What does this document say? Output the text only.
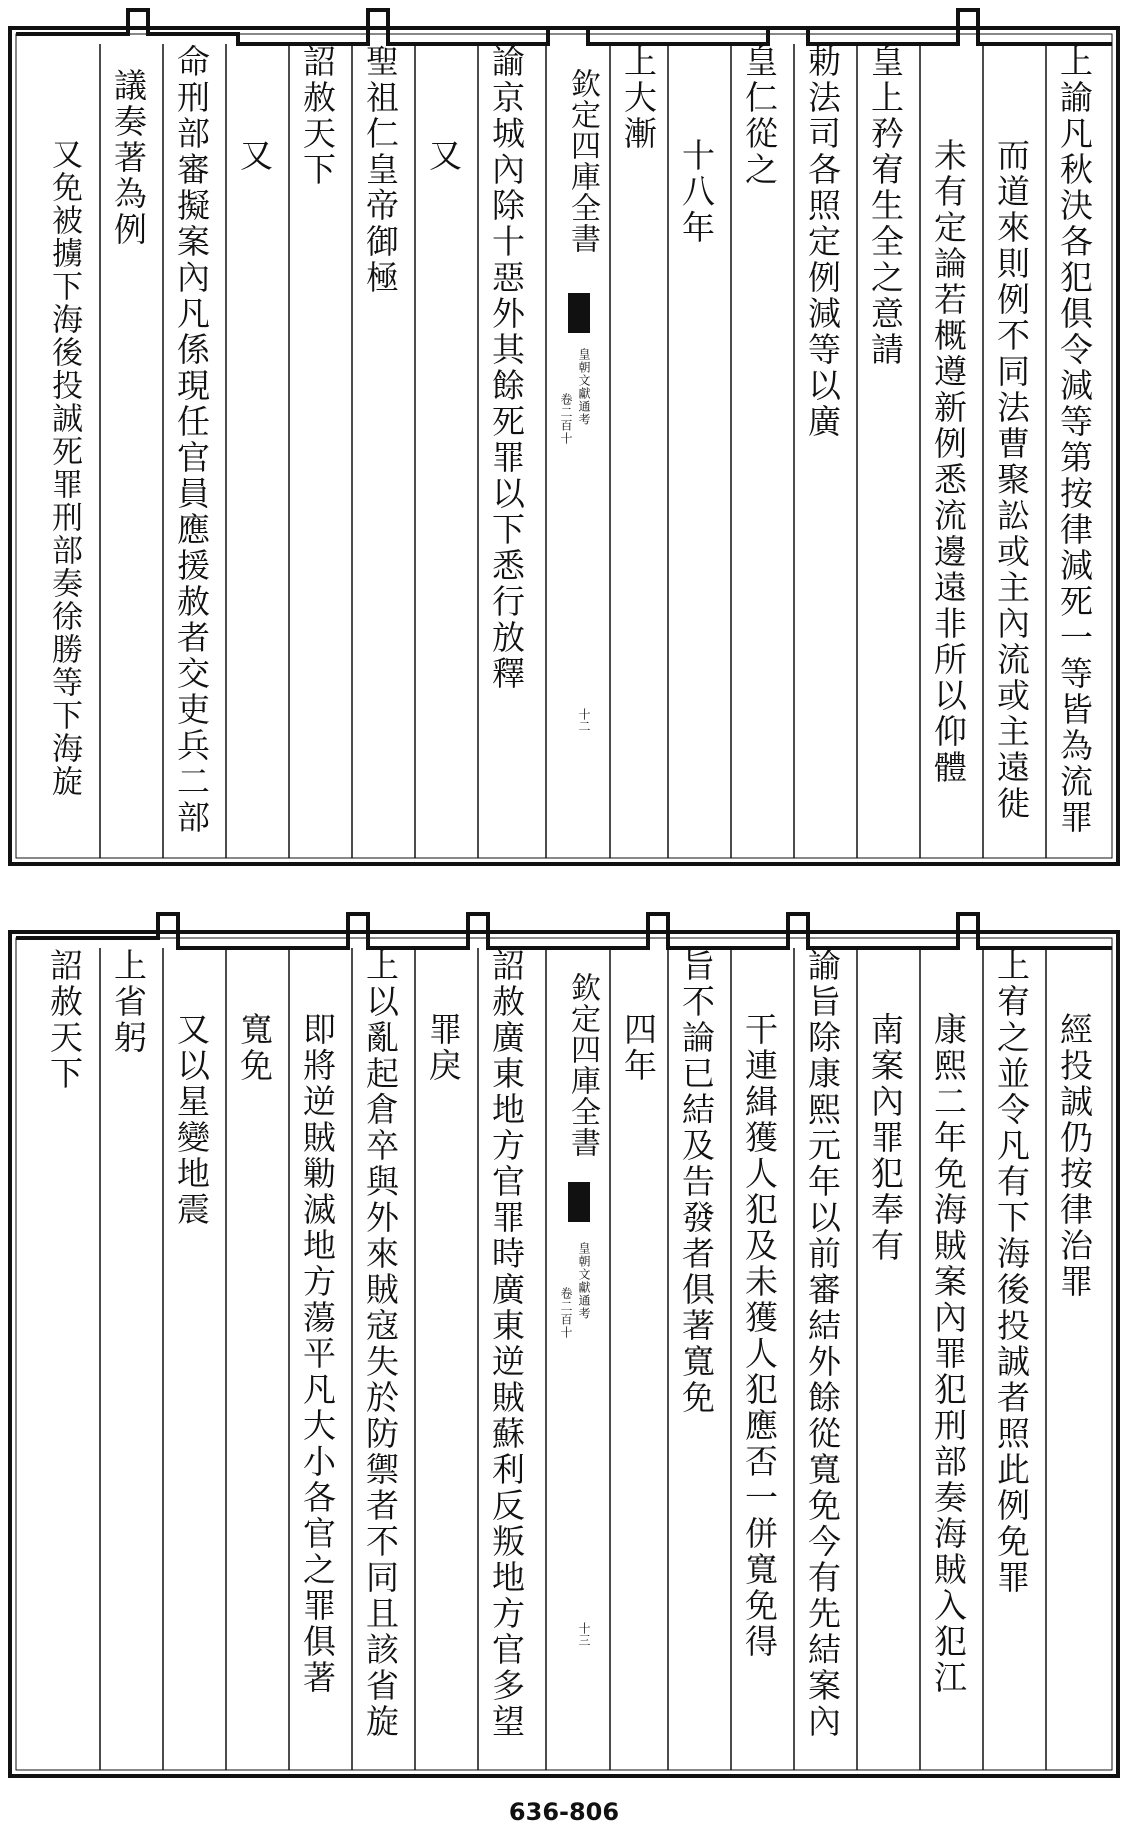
欽定四庫全書
皇朝文獻通考
卷二百十
十二	上諭凡秋決各犯俱令減等第按律減死一等皆為流罪
而道來則例不同法曹聚訟或主內流或主遠徙
未有定論若概遵新例悉流邊遠非所以仰體
皇上矜宥生全之意請
勅法司各照定例減等以廣
皇仁從之
十八年
上大漸
諭京城內除十惡外其餘死罪以下悉行放釋
又
聖祖仁皇帝御極
詔赦天下
又
命刑部審擬案內凡係現任官員應援赦者交吏兵二部
議奏著為例
又免被擄下海後投誠死罪刑部奏徐勝等下海旋
欽定四庫全書
皇朝文獻通考
卷二百十
十三
經投誠仍按律治罪
上宥之並令凡有下海後投誠者照此例免罪
康熙二年免海賊案內罪犯刑部奏海賊入犯江
南案內罪犯奉有
諭旨除康熙元年以前審結外餘從寬免今有先結案內
干連緝獲人犯及未獲人犯應否一併寬免得
旨不論已結及告發者俱著寬免
四年
詔赦廣東地方官罪時廣東逆賊蘇利反叛地方官多望
罪戾
上以亂起倉卒與外來賊寇失於防禦者不同且該省旋
即將逆賊勦滅地方蕩平凡大小各官之罪俱著
寬免
又以星變地震
上省躬
詔赦天下
636-806
